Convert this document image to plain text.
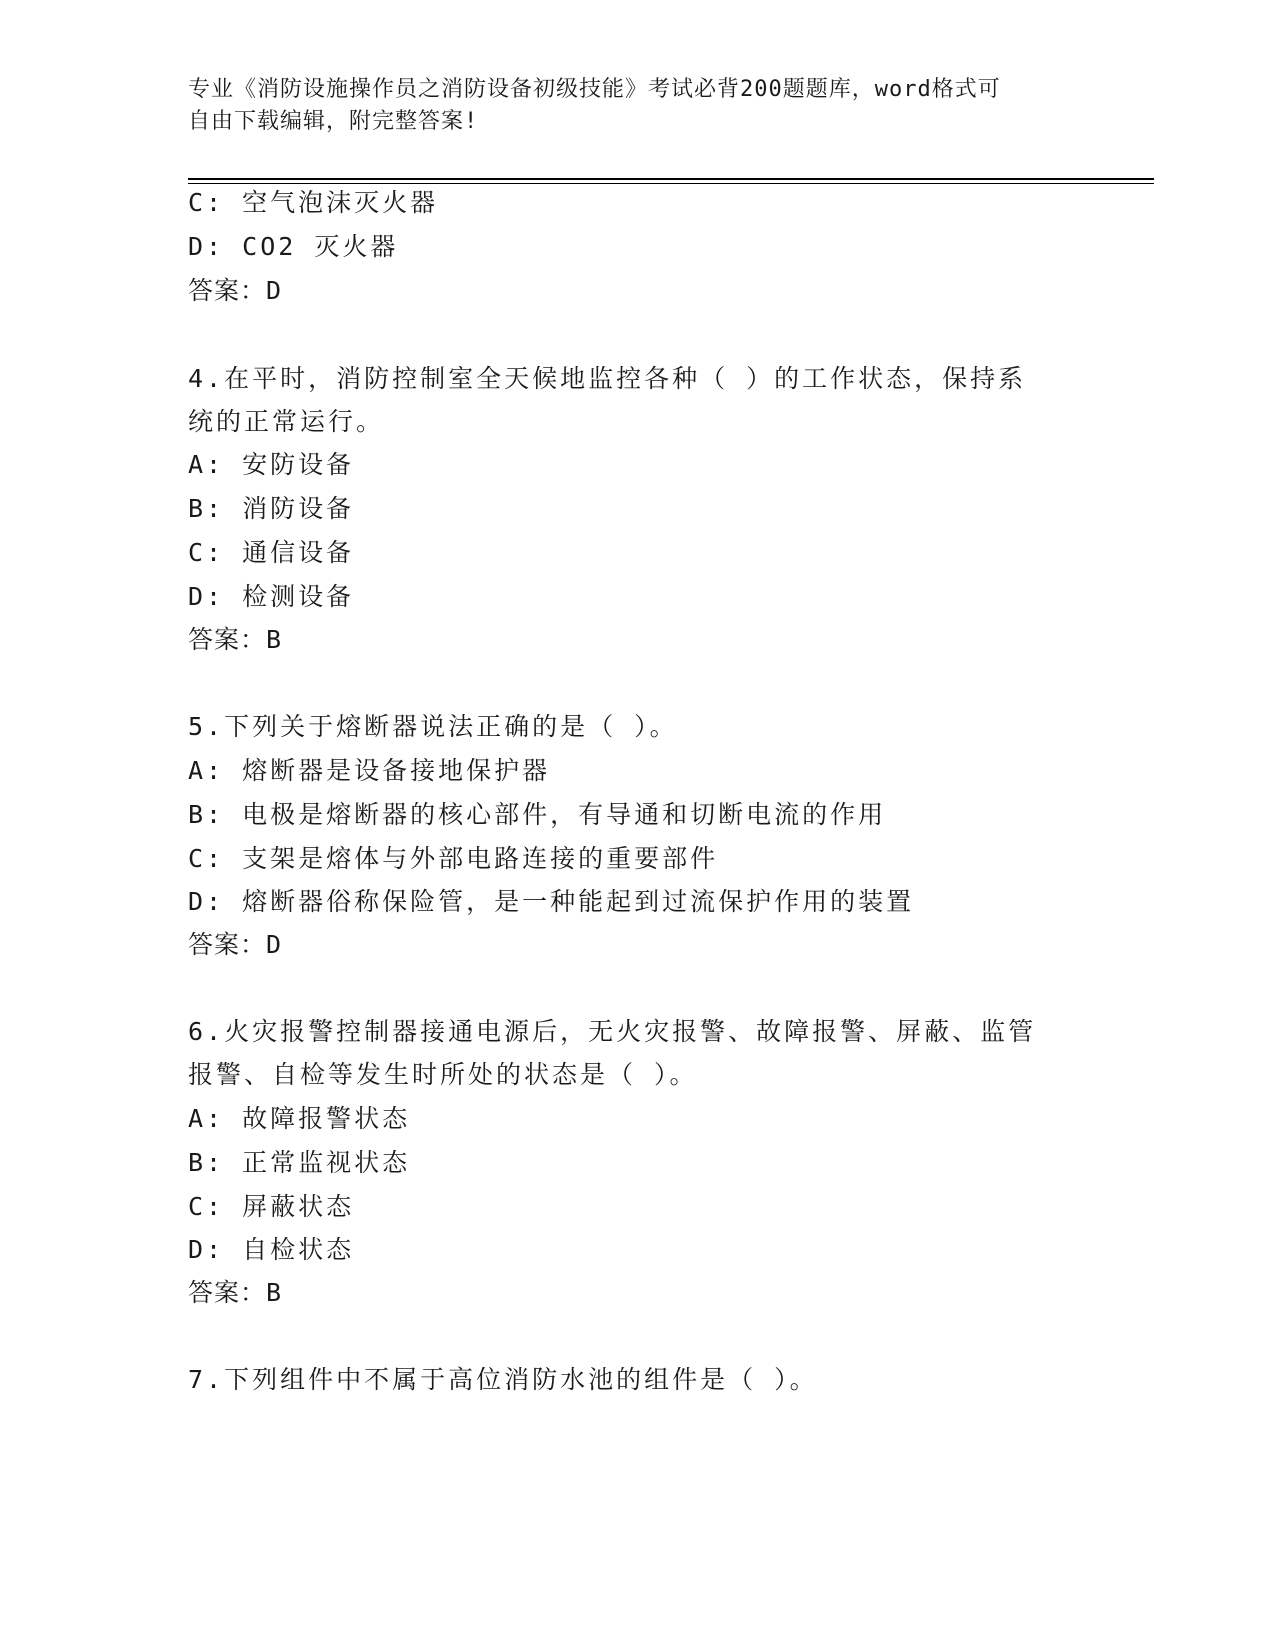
专业《消防设施操作员之消防设备初级技能》考试必背200题题库，word格式可
自由下载编辑，附完整答案!

C: 空气泡沫灭火器

D: CO2 灭火器

答案：D

4.在平时，消防控制室全天候地监控各种（ ）的工作状态，保持系

统的正常运行。

A: 安防设备

B: 消防设备

C: 通信设备

D: 检测设备

答案：B

5.下列关于熔断器说法正确的是（ ）。

A: 熔断器是设备接地保护器

B: 电极是熔断器的核心部件，有导通和切断电流的作用

C: 支架是熔体与外部电路连接的重要部件

D: 熔断器俗称保险管，是一种能起到过流保护作用的装置

答案：D

6.火灾报警控制器接通电源后，无火灾报警、故障报警、屏蔽、监管

报警、自检等发生时所处的状态是（ ）。

A: 故障报警状态

B: 正常监视状态

C: 屏蔽状态

D: 自检状态

答案：B

7.下列组件中不属于高位消防水池的组件是（ ）。
